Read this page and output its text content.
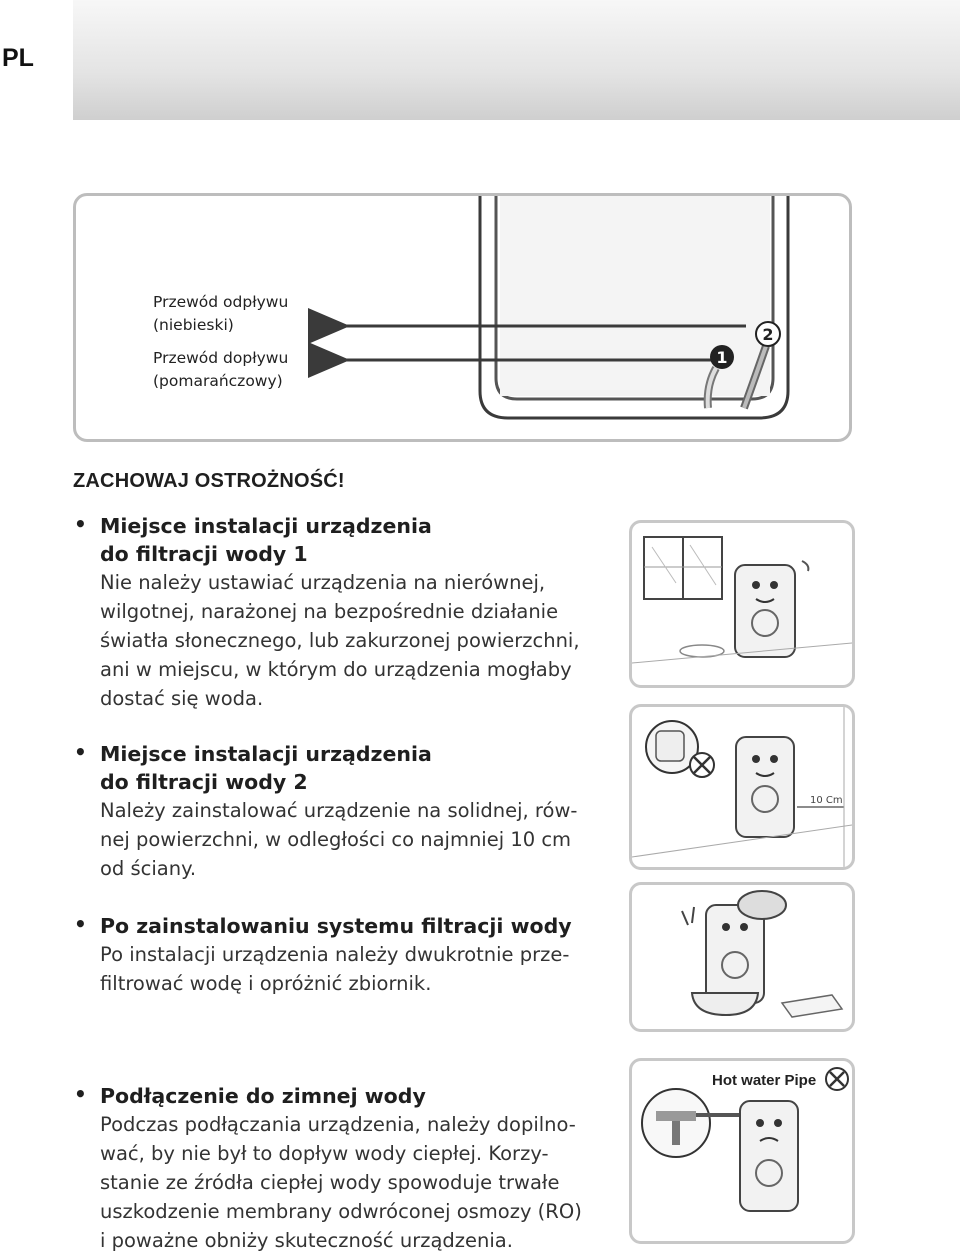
PL
Przewód odpływu
(niebieski)
Przewód dopływu
(pomarańczowy)
1
2
ZACHOWAJ OSTROŻNOŚĆ!
• Miejsce instalacji urządzenia
do filtracji wody 1
Nie należy ustawiać urządzenia na nierównej,
wilgotnej, narażonej na bezpośrednie działanie
światła słonecznego, lub zakurzonej powierzchni,
ani w miejscu, w którym do urządzenia mogłaby
dostać się woda.
• Miejsce instalacji urządzenia
do filtracji wody 2
Należy zainstalować urządzenie na solidnej, rów-
nej powierzchni, w odległości co najmniej 10 cm
od ściany.
• Po zainstalowaniu systemu filtracji wody
Po instalacji urządzenia należy dwukrotnie prze-
filtrować wodę i opróżnić zbiornik.
• Podłączenie do zimnej wody
Podczas podłączania urządzenia, należy dopilno-
wać, by nie był to dopływ wody ciepłej. Korzy-
stanie ze źródła ciepłej wody spowoduje trwałe
uszkodzenie membrany odwróconej osmozy (RO)
i poważne obniży skuteczność urządzenia.
10 Cm
Hot water Pipe
